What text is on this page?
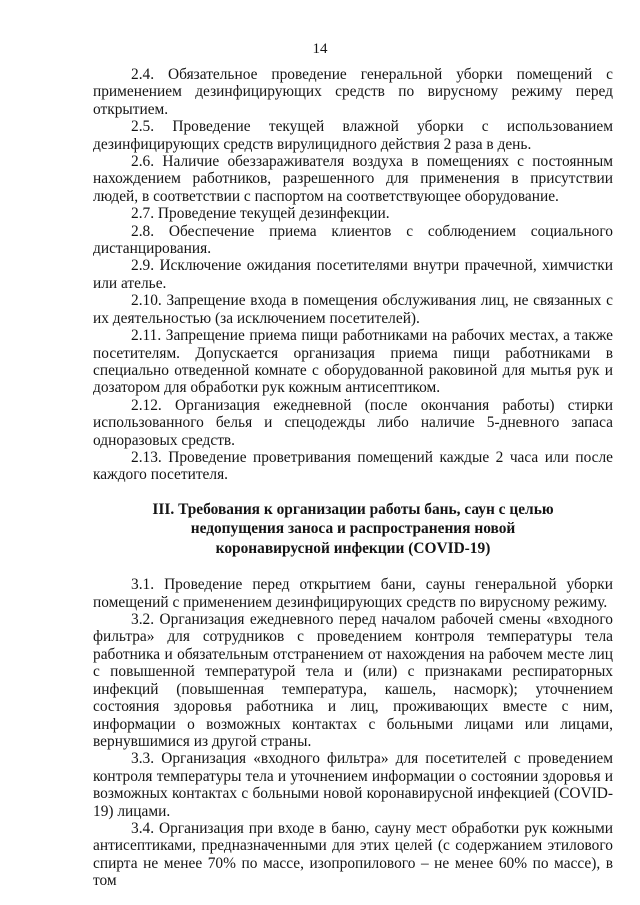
14

2.4. Обязательное проведение генеральной уборки помещений с применением дезинфицирующих средств по вирусному режиму перед открытием.

2.5. Проведение текущей влажной уборки с использованием дезинфицирующих средств вирулицидного действия 2 раза в день.

2.6. Наличие обеззараживателя воздуха в помещениях с постоянным нахождением работников, разрешенного для применения в присутствии людей, в соответствии с паспортом на соответствующее оборудование.

2.7. Проведение текущей дезинфекции.

2.8. Обеспечение приема клиентов с соблюдением социального дистанцирования.

2.9. Исключение ожидания посетителями внутри прачечной, химчистки или ателье.

2.10. Запрещение входа в помещения обслуживания лиц, не связанных с их деятельностью (за исключением посетителей).

2.11. Запрещение приема пищи работниками на рабочих местах, а также посетителям. Допускается организация приема пищи работниками в специально отведенной комнате с оборудованной раковиной для мытья рук и дозатором для обработки рук кожным антисептиком.

2.12. Организация ежедневной (после окончания работы) стирки использованного белья и спецодежды либо наличие 5-дневного запаса одноразовых средств.

2.13. Проведение проветривания помещений каждые 2 часа или после каждого посетителя.

III. Требования к организации работы бань, саун с целью недопущения заноса и распространения новой коронавирусной инфекции (COVID-19)

3.1. Проведение перед открытием бани, сауны генеральной уборки помещений с применением дезинфицирующих средств по вирусному режиму.

3.2. Организация ежедневного перед началом рабочей смены «входного фильтра» для сотрудников с проведением контроля температуры тела работника и обязательным отстранением от нахождения на рабочем месте лиц с повышенной температурой тела и (или) с признаками респираторных инфекций (повышенная температура, кашель, насморк); уточнением состояния здоровья работника и лиц, проживающих вместе с ним, информации о возможных контактах с больными лицами или лицами, вернувшимися из другой страны.

3.3. Организация «входного фильтра» для посетителей с проведением контроля температуры тела и уточнением информации о состоянии здоровья и возможных контактах с больными новой коронавирусной инфекцией (COVID-19) лицами.

3.4. Организация при входе в баню, сауну мест обработки рук кожными антисептиками, предназначенными для этих целей (с содержанием этилового спирта не менее 70% по массе, изопропилового – не менее 60% по массе), в том
